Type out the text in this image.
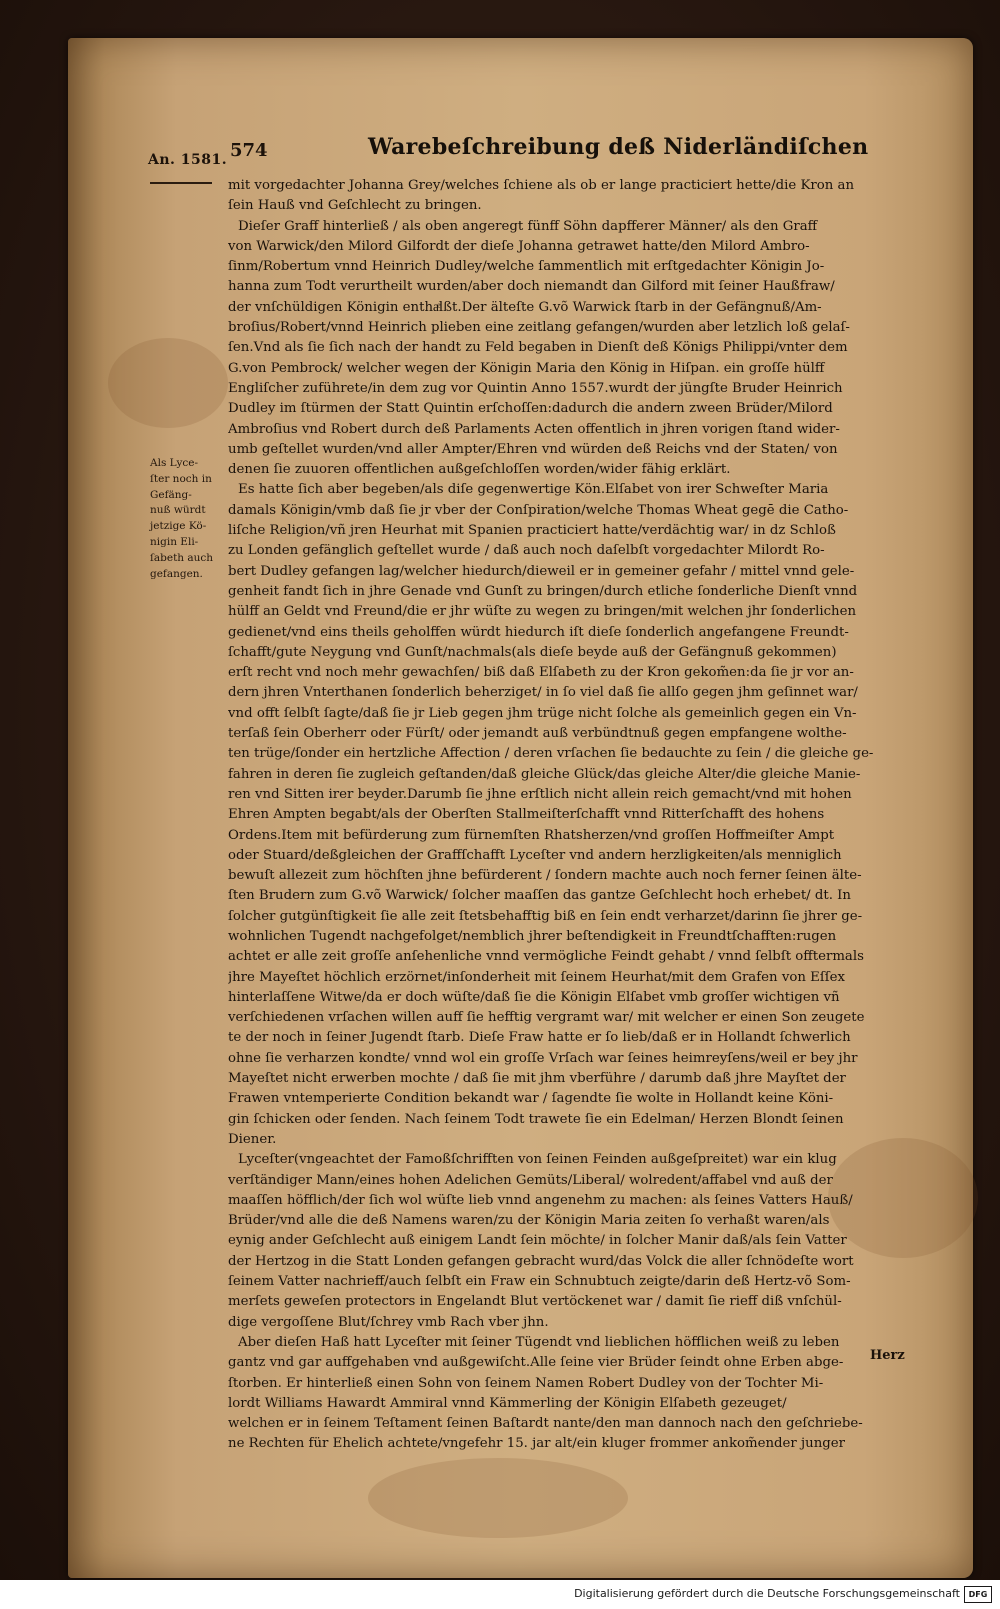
An. 1581. 574	Warebeſchreibung deß Niderländiſchen
Als Lyce-
ſter noch in
Gefäng-
nuß würdt
jetzige Kö-
nigin Eli-
ſabeth auch
gefangen.
mit vorgedachter Johanna Grey/welches ſchiene als ob er lange practiciert hette/die Kron an
ſein Hauß vnd Geſchlecht zu bringen.
Dieſer Graff hinterließ / als oben angeregt fünff Söhn dapfferer Männer/ als den Graff
von Warwick/den Milord Gilfordt der dieſe Johanna getrawet hatte/den Milord Ambro-
ſinm/Robertum vnnd Heinrich Dudley/welche ſammentlich mit erſtgedachter Königin Jo-
hanna zum Todt verurtheilt wurden/aber doch niemandt dan Gilford mit ſeiner Haußfraw/
der vnſchüldigen Königin enthaͤlßt.Der älteſte G.võ Warwick ſtarb in der Gefängnuß/Am-
broſius/Robert/vnnd Heinrich plieben eine zeitlang gefangen/wurden aber letzlich loß gelaſ-
ſen.Vnd als ſie ſich nach der handt zu Feld begaben in Dienſt deß Königs Philippi/vnter dem
G.von Pembrock/ welcher wegen der Königin Maria den König in Hiſpan. ein groſſe hülff
Engliſcher zuführete/in dem zug vor Quintin Anno 1557.wurdt der jüngſte Bruder Heinrich
Dudley im ſtürmen der Statt Quintin erſchoſſen:dadurch die andern zween Brüder/Milord
Ambroſius vnd Robert durch deß Parlaments Acten offentlich in jhren vorigen ſtand wider-
umb geſtellet wurden/vnd aller Ampter/Ehren vnd würden deß Reichs vnd der Staten/ von
denen ſie zuuoren offentlichen außgeſchloſſen worden/wider fähig erklärt.
Es hatte ſich aber begeben/als diſe gegenwertige Kön.Elſabet von irer Schweſter Maria
damals Königin/vmb daß ſie jr vber der Conſpiration/welche Thomas Wheat gegē die Catho-
liſche Religion/vñ jren Heurhat mit Spanien practiciert hatte/verdächtig war/ in dz Schloß
zu Londen gefänglich geſtellet wurde / daß auch noch daſelbſt vorgedachter Milordt Ro-
bert Dudley gefangen lag/welcher hiedurch/dieweil er in gemeiner gefahr / mittel vnnd gele-
genheit fandt ſich in jhre Genade vnd Gunſt zu bringen/durch etliche ſonderliche Dienſt vnnd
hülff an Geldt vnd Freund/die er jhr wüſte zu wegen zu bringen/mit welchen jhr ſonderlichen
gedienet/vnd eins theils geholffen würdt hiedurch iſt dieſe ſonderlich angefangene Freundt-
ſchafft/gute Neygung vnd Gunſt/nachmals(als dieſe beyde auß der Gefängnuß gekommen)
erſt recht vnd noch mehr gewachſen/ biß daß Elſabeth zu der Kron gekom̃en:da ſie jr vor an-
dern jhren Vnterthanen ſonderlich beherziget/ in ſo viel daß ſie allſo gegen jhm geſinnet war/
vnd offt ſelbſt ſagte/daß ſie jr Lieb gegen jhm trüge nicht ſolche als gemeinlich gegen ein Vn-
terſaß ſein Oberherr oder Fürſt/ oder jemandt auß verbündtnuß gegen empfangene wolthe-
ten trüge/ſonder ein hertzliche Affection / deren vrſachen ſie bedauchte zu ſein / die gleiche ge-
fahren in deren ſie zugleich geſtanden/daß gleiche Glück/das gleiche Alter/die gleiche Manie-
ren vnd Sitten irer beyder.Darumb ſie jhne erſtlich nicht allein reich gemacht/vnd mit hohen
Ehren Ampten begabt/als der Oberſten Stallmeiſterſchafft vnnd Ritterſchafft des hohens
Ordens.Item mit befürderung zum fürnemſten Rhatsherzen/vnd groſſen Hoffmeiſter Ampt
oder Stuard/deßgleichen der Graffſchafft Lyceſter vnd andern herzligkeiten/als menniglich
bewuſt allezeit zum höchſten jhne befürderent / ſondern machte auch noch ferner ſeinen älte-
ſten Brudern zum G.võ Warwick/ ſolcher maaſſen das gantze Geſchlecht hoch erhebet/ dt. In
ſolcher gutgünſtigkeit ſie alle zeit ſtetsbehafftig biß en ſein endt verharzet/darinn ſie jhrer ge-
wohnlichen Tugendt nachgefolget/nemblich jhrer beſtendigkeit in Freundtſchafften:rugen
achtet er alle zeit groſſe anſehenliche vnnd vermögliche Feindt gehabt / vnnd ſelbſt offtermals
jhre Mayeſtet höchlich erzörnet/inſonderheit mit ſeinem Heurhat/mit dem Grafen von Eſſex
hinterlaſſene Witwe/da er doch wüſte/daß ſie die Königin Elſabet vmb groſſer wichtigen vñ
verſchiedenen vrſachen willen auff ſie hefftig vergramt war/ mit welcher er einen Son zeugete
te der noch in ſeiner Jugendt ſtarb. Dieſe Fraw hatte er ſo lieb/daß er in Hollandt ſchwerlich
ohne ſie verharzen kondte/ vnnd wol ein groſſe Vrſach war ſeines heimreyſens/weil er bey jhr
Mayeſtet nicht erwerben mochte / daß ſie mit jhm vberführe / darumb daß jhre Mayſtet der
Frawen vntemperierte Condition bekandt war / ſagendte ſie wolte in Hollandt keine Köni-
gin ſchicken oder ſenden. Nach ſeinem Todt trawete ſie ein Edelman/ Herzen Blondt ſeinen
Diener.
Lyceſter(vngeachtet der Famoßſchrifften von ſeinen Feinden außgeſpreitet) war ein klug
verſtändiger Mann/eines hohen Adelichen Gemüts/Liberal/ wolredent/affabel vnd auß der
maaſſen höfflich/der ſich wol wüſte lieb vnnd angenehm zu machen: als ſeines Vatters Hauß/
Brüder/vnd alle die deß Namens waren/zu der Königin Maria zeiten ſo verhaßt waren/als
eynig ander Geſchlecht auß einigem Landt ſein möchte/ in ſolcher Manir daß/als ſein Vatter
der Hertzog in die Statt Londen gefangen gebracht wurd/das Volck die aller ſchnödeſte wort
ſeinem Vatter nachrieff/auch ſelbſt ein Fraw ein Schnubtuch zeigte/darin deß Hertz-võ Som-
merſets geweſen protectors in Engelandt Blut vertöckenet war / damit ſie rieff diß vnſchül-
dige vergoſſene Blut/ſchrey vmb Rach vber jhn.
Aber dieſen Haß hatt Lyceſter mit ſeiner Tügendt vnd lieblichen höfflichen weiß zu leben
gantz vnd gar auffgehaben vnd außgewiſcht.Alle ſeine vier Brüder ſeindt ohne Erben abge-
ſtorben. Er hinterließ einen Sohn von ſeinem Namen Robert Dudley von der Tochter Mi-
lordt Williams Hawardt Ammiral vnnd Kämmerling der Königin Elſabeth gezeuget/
welchen er in ſeinem Teſtament ſeinen Baſtardt nante/den man dannoch nach den geſchriebe-
ne Rechten für Ehelich achtete/vngefehr 15. jar alt/ein kluger frommer ankom̃ender junger
Herz
Digitalisierung gefördert durch die Deutsche Forschungsgemeinschaft	DFG
